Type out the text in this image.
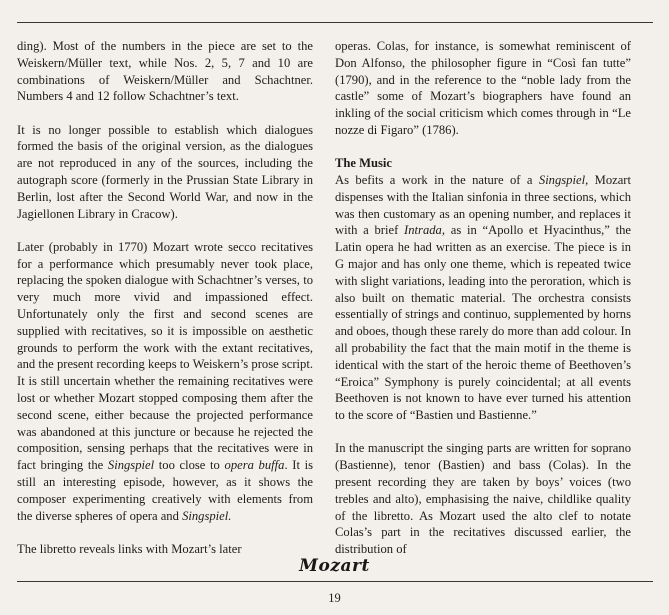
ding). Most of the numbers in the piece are set to the Weiskern/Müller text, while Nos. 2, 5, 7 and 10 are combinations of Weiskern/Müller and Schachtner. Numbers 4 and 12 follow Schachtner’s text.

It is no longer possible to establish which dialogues formed the basis of the original version, as the dialogues are not reproduced in any of the sources, including the autograph score (formerly in the Prussian State Library in Berlin, lost after the Second World War, and now in the Jagiellonen Library in Cracow).

Later (probably in 1770) Mozart wrote secco recitatives for a performance which presumably never took place, replacing the spoken dialogue with Schachtner’s verses, to very much more vivid and impassioned effect. Unfortunately only the first and second scenes are supplied with recitatives, so it is impossible on aesthetic grounds to perform the work with the extant recitatives, and the present recording keeps to Weiskern’s prose script. It is still uncertain whether the remaining recitatives were lost or whether Mozart stopped composing them after the second scene, either because the projected performance was abandoned at this juncture or because he rejected the composition, sensing perhaps that the recitatives were in fact bringing the Singspiel too close to opera buffa. It is still an interesting episode, however, as it shows the composer experimenting creatively with elements from the diverse spheres of opera and Singspiel.

The libretto reveals links with Mozart’s later

operas. Colas, for instance, is somewhat reminiscent of Don Alfonso, the philosopher figure in “Così fan tutte” (1790), and in the reference to the “noble lady from the castle” some of Mozart’s biographers have found an inkling of the social criticism which comes through in “Le nozze di Figaro” (1786).

The Music

As befits a work in the nature of a Singspiel, Mozart dispenses with the Italian sinfonia in three sections, which was then customary as an opening number, and replaces it with a brief Intrada, as in “Apollo et Hyacinthus,” the Latin opera he had written as an exercise. The piece is in G major and has only one theme, which is repeated twice with slight variations, leading into the peroration, which is also built on thematic material. The orchestra consists essentially of strings and continuo, supplemented by horns and oboes, though these rarely do more than add colour. In all probability the fact that the main motif in the theme is identical with the start of the heroic theme of Beethoven’s “Eroica” Symphony is purely coincidental; at all events Beethoven is not known to have ever turned his attention to the score of “Bastien und Bastienne.”

In the manuscript the singing parts are written for soprano (Bastienne), tenor (Bastien) and bass (Colas). In the present recording they are taken by boys’ voices (two trebles and alto), emphasising the naive, childlike quality of the libretto. As Mozart used the alto clef to notate Colas’s part in the recitatives discussed earlier, the distribution of

Mozart
19
